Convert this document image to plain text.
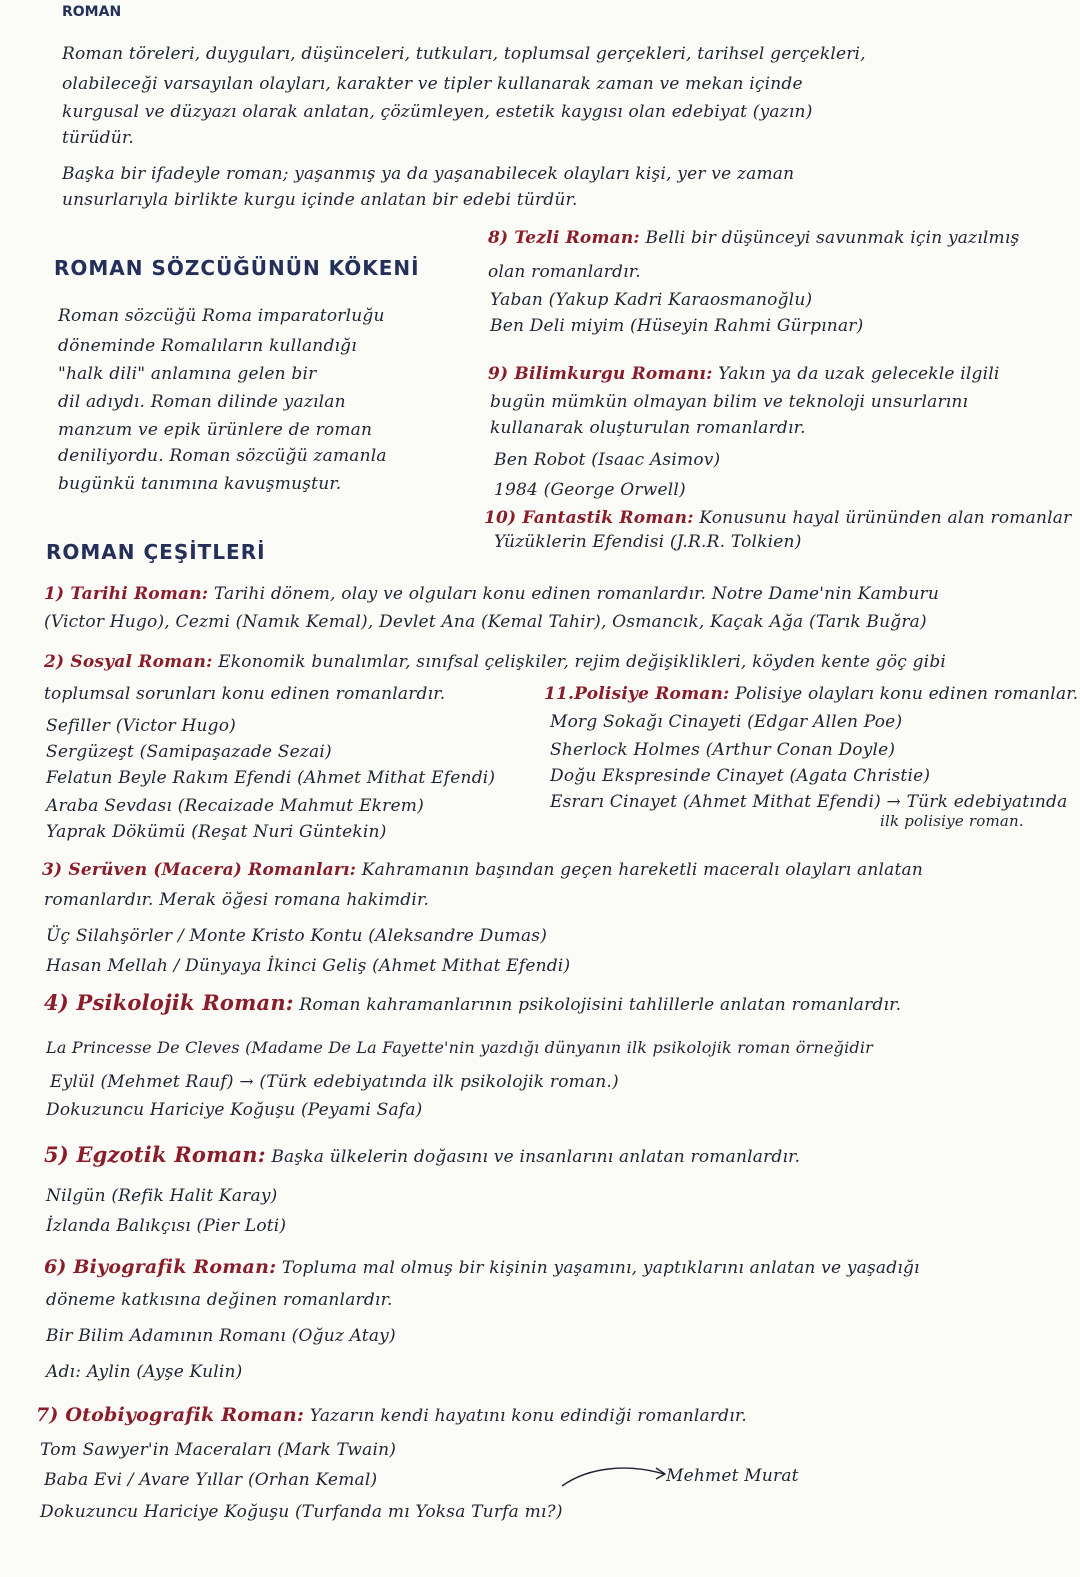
ROMAN
Roman töreleri, duyguları, düşünceleri, tutkuları, toplumsal gerçekleri, tarihsel gerçekleri,
olabileceği varsayılan olayları, karakter ve tipler kullanarak zaman ve mekan içinde
kurgusal ve düzyazı olarak anlatan, çözümleyen, estetik kaygısı olan edebiyat (yazın)
türüdür.
Başka bir ifadeyle roman; yaşanmış ya da yaşanabilecek olayları kişi, yer ve zaman
unsurlarıyla birlikte kurgu içinde anlatan bir edebi türdür.
ROMAN SÖZCÜĞÜNÜN KÖKENİ
Roman sözcüğü Roma imparatorluğu
döneminde Romalıların kullandığı
"halk dili" anlamına gelen bir
dil adıydı. Roman dilinde yazılan
manzum ve epik ürünlere de roman
deniliyordu. Roman sözcüğü zamanla
bugünkü tanımına kavuşmuştur.
8) Tezli Roman: Belli bir düşünceyi savunmak için yazılmış
olan romanlardır.
Yaban (Yakup Kadri Karaosmanoğlu)
Ben Deli miyim (Hüseyin Rahmi Gürpınar)
9) Bilimkurgu Romanı: Yakın ya da uzak gelecekle ilgili
bugün mümkün olmayan bilim ve teknoloji unsurlarını
kullanarak oluşturulan romanlardır.
Ben Robot (Isaac Asimov)
1984 (George Orwell)
10) Fantastik Roman: Konusunu hayal ürününden alan romanlar
Yüzüklerin Efendisi (J.R.R. Tolkien)
ROMAN ÇEŞİTLERİ
1) Tarihi Roman: Tarihi dönem, olay ve olguları konu edinen romanlardır. Notre Dame'nin Kamburu
(Victor Hugo), Cezmi (Namık Kemal), Devlet Ana (Kemal Tahir), Osmancık, Kaçak Ağa (Tarık Buğra)
2) Sosyal Roman: Ekonomik bunalımlar, sınıfsal çelişkiler, rejim değişiklikleri, köyden kente göç gibi
toplumsal sorunları konu edinen romanlardır.
Sefiller (Victor Hugo)
Sergüzeşt (Samipaşazade Sezai)
Felatun Beyle Rakım Efendi (Ahmet Mithat Efendi)
Araba Sevdası (Recaizade Mahmut Ekrem)
Yaprak Dökümü (Reşat Nuri Güntekin)
11.Polisiye Roman: Polisiye olayları konu edinen romanlar.
Morg Sokağı Cinayeti (Edgar Allen Poe)
Sherlock Holmes (Arthur Conan Doyle)
Doğu Ekspresinde Cinayet (Agata Christie)
Esrarı Cinayet (Ahmet Mithat Efendi) → Türk edebiyatında
ilk polisiye roman.
3) Serüven (Macera) Romanları: Kahramanın başından geçen hareketli maceralı olayları anlatan
romanlardır. Merak öğesi romana hakimdir.
Üç Silahşörler / Monte Kristo Kontu (Aleksandre Dumas)
Hasan Mellah / Dünyaya İkinci Geliş (Ahmet Mithat Efendi)
4) Psikolojik Roman: Roman kahramanlarının psikolojisini tahlillerle anlatan romanlardır.
La Princesse De Cleves (Madame De La Fayette'nin yazdığı dünyanın ilk psikolojik roman örneğidir
Eylül (Mehmet Rauf) → (Türk edebiyatında ilk psikolojik roman.)
Dokuzuncu Hariciye Koğuşu (Peyami Safa)
5) Egzotik Roman: Başka ülkelerin doğasını ve insanlarını anlatan romanlardır.
Nilgün (Refik Halit Karay)
İzlanda Balıkçısı (Pier Loti)
6) Biyografik Roman: Topluma mal olmuş bir kişinin yaşamını, yaptıklarını anlatan ve yaşadığı
döneme katkısına değinen romanlardır.
Bir Bilim Adamının Romanı (Oğuz Atay)
Adı: Aylin (Ayşe Kulin)
7) Otobiyografik Roman: Yazarın kendi hayatını konu edindiği romanlardır.
Tom Sawyer'in Maceraları (Mark Twain)
Baba Evi / Avare Yıllar (Orhan Kemal)
Dokuzuncu Hariciye Koğuşu (Turfanda mı Yoksa Turfa mı?)
Mehmet Murat
